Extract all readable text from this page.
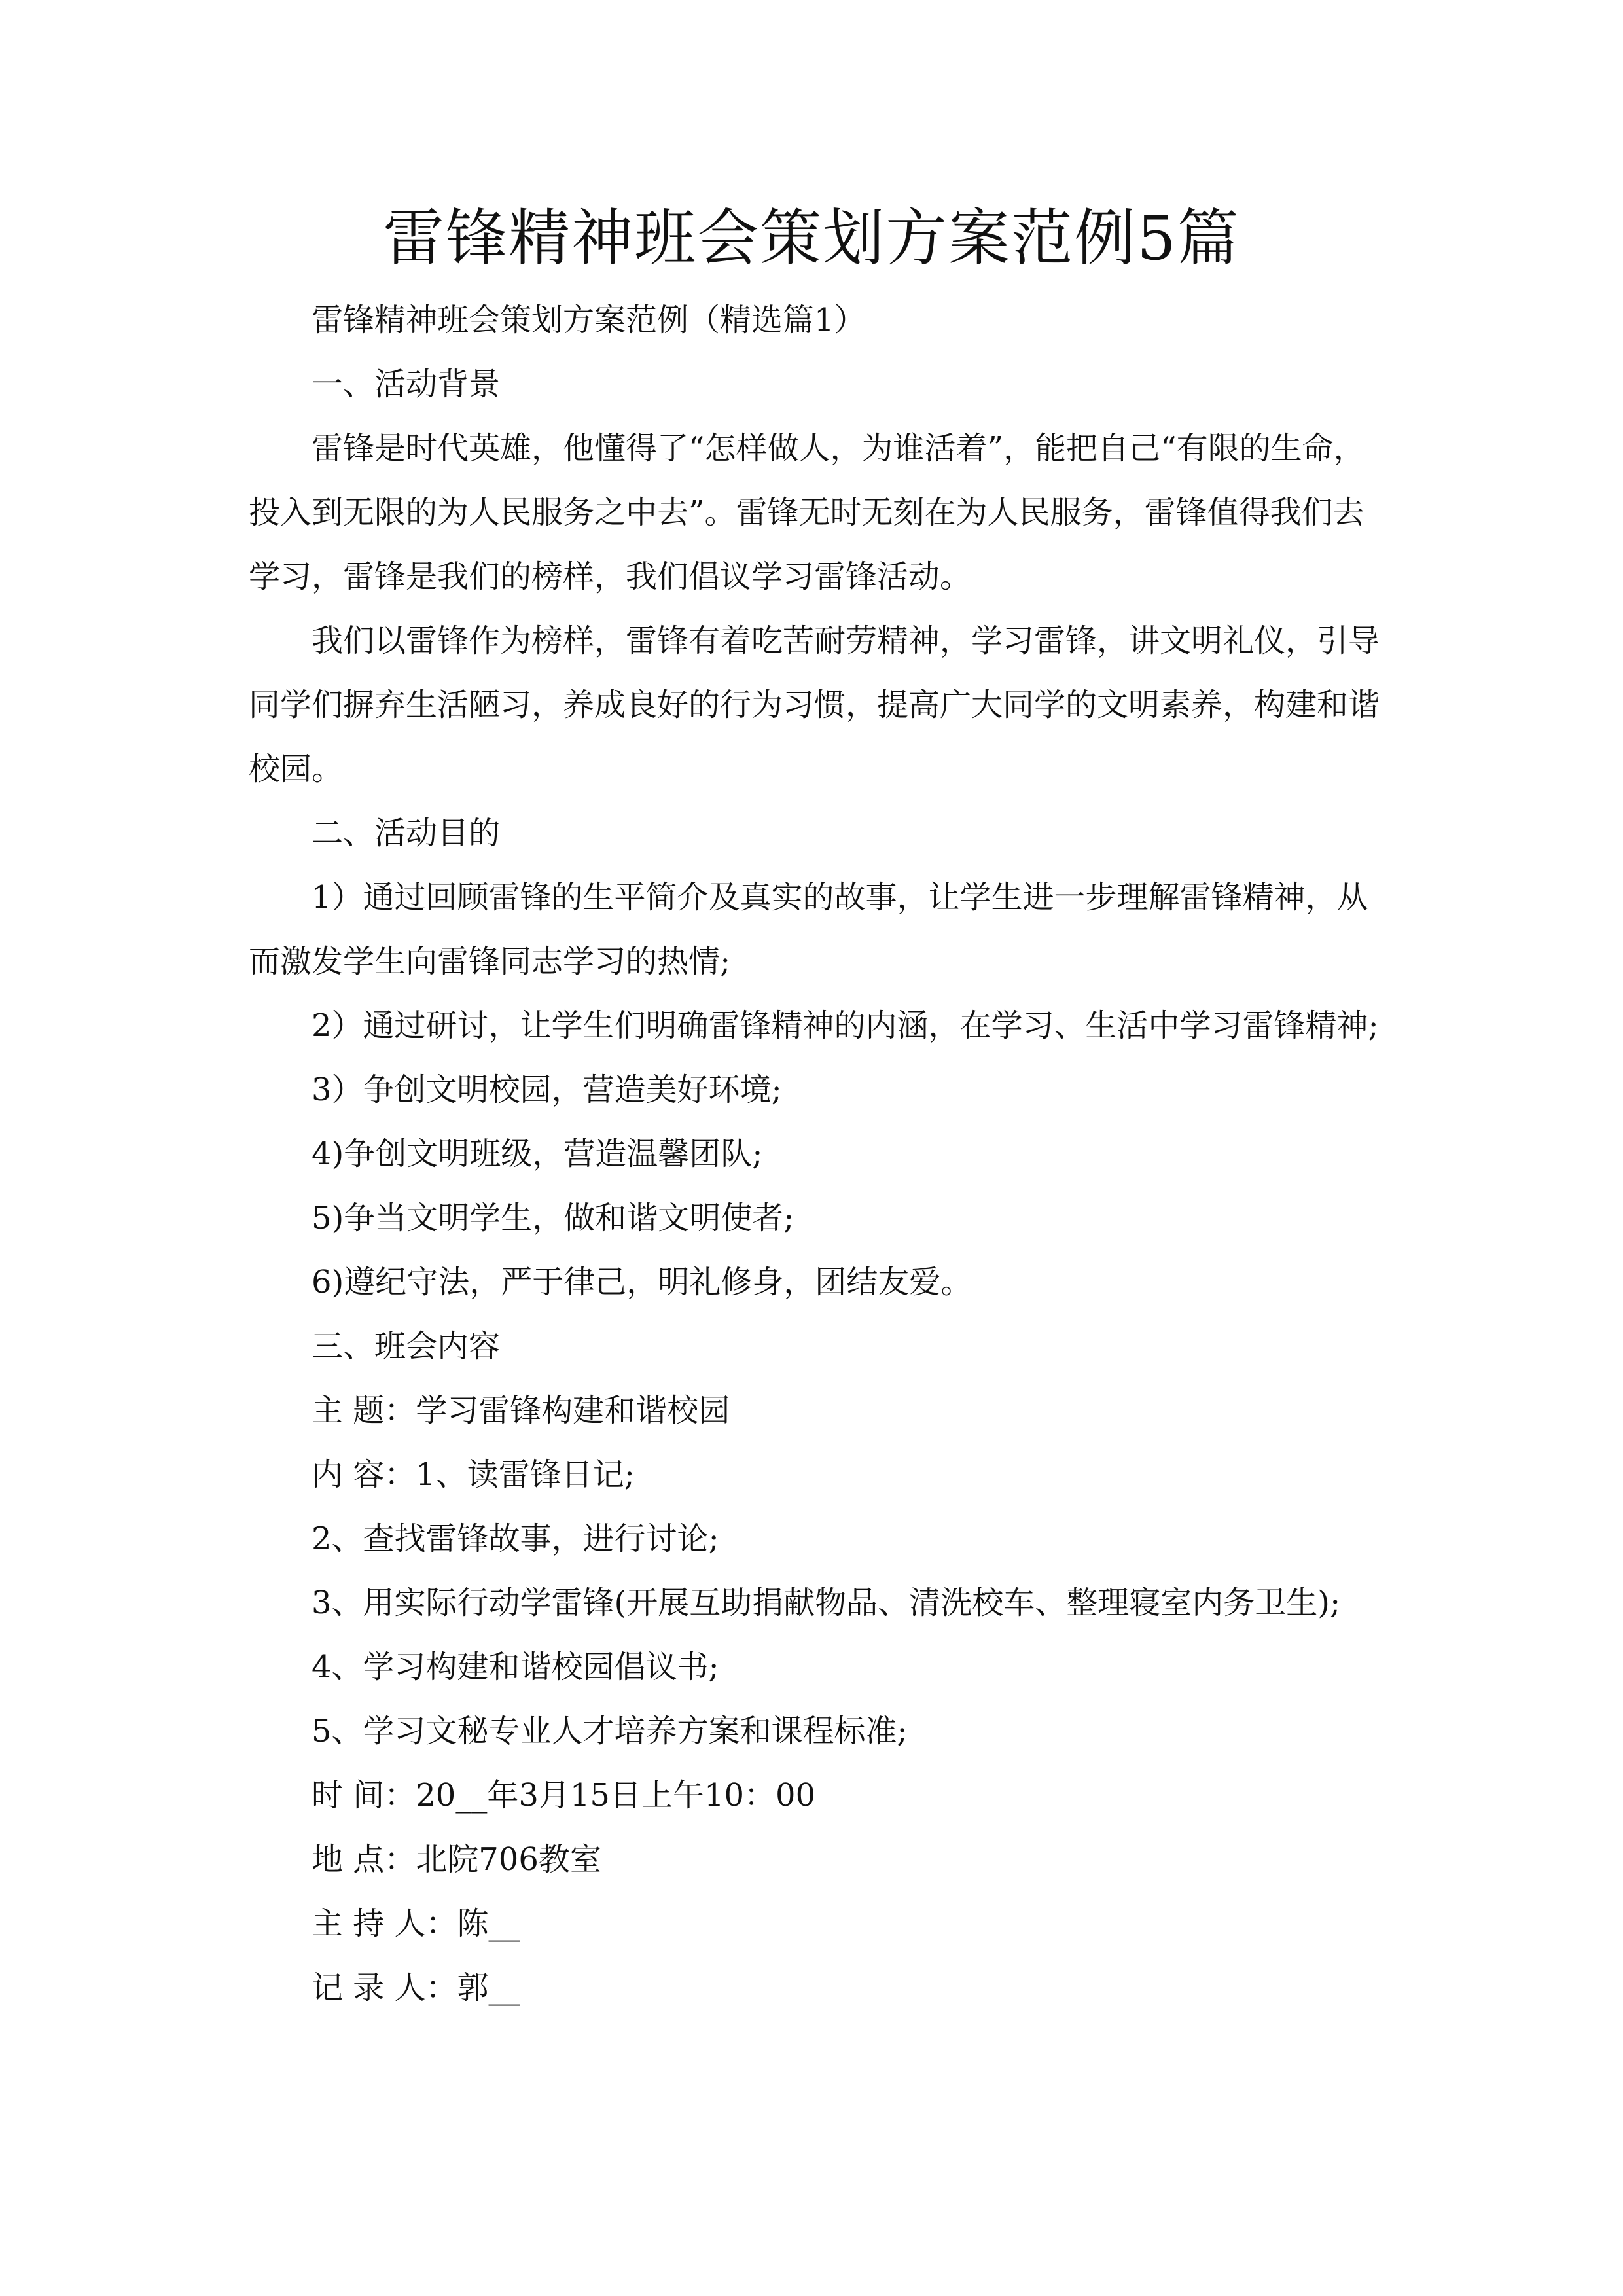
雷锋精神班会策划方案范例5篇

雷锋精神班会策划方案范例（精选篇1）

一、活动背景

雷锋是时代英雄，他懂得了“怎样做人，为谁活着”，能把自己“有限的生命，投入到无限的为人民服务之中去”。雷锋无时无刻在为人民服务，雷锋值得我们去学习，雷锋是我们的榜样，我们倡议学习雷锋活动。

我们以雷锋作为榜样，雷锋有着吃苦耐劳精神，学习雷锋，讲文明礼仪，引导同学们摒弃生活陋习，养成良好的行为习惯，提高广大同学的文明素养，构建和谐校园。

二、活动目的

1）通过回顾雷锋的生平简介及真实的故事，让学生进一步理解雷锋精神，从而激发学生向雷锋同志学习的热情;

2）通过研讨，让学生们明确雷锋精神的内涵，在学习、生活中学习雷锋精神;

3）争创文明校园，营造美好环境;

4)争创文明班级，营造温馨团队;

5)争当文明学生，做和谐文明使者;

6)遵纪守法，严于律己，明礼修身，团结友爱。

三、班会内容

主 题：学习雷锋构建和谐校园

内 容：1、读雷锋日记;

2、查找雷锋故事，进行讨论;

3、用实际行动学雷锋(开展互助捐献物品、清洗校车、整理寝室内务卫生);

4、学习构建和谐校园倡议书;

5、学习文秘专业人才培养方案和课程标准;

时 间：20__年3月15日上午10：00

地 点：北院706教室

主 持 人：陈__

记 录 人：郭__
